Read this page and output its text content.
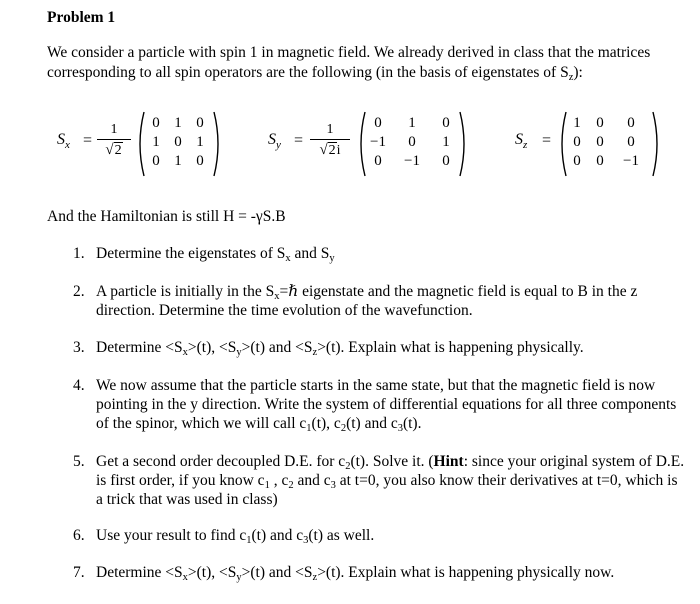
Problem 1
We consider a particle with spin 1 in magnetic field. We already derived in class that the matrices corresponding to all spin operators are the following (in the basis of eigenstates of $S_z$):
$S_x$ =
1
√2
0 1 0
1 0 1
0 1 0
$S_y$ =
1
√2i
0	1	0
−1	0	1
0	−1	0
$S_z$ =
1	0	0
0	0	0
0	0	−1
And the Hamiltonian is still H = -γS.B
1. Determine the eigenstates of $S_x$ and $S_y$
2. A particle is initially in the $S_x=\hbar$ eigenstate and the magnetic field is equal to B in the z direction. Determine the time evolution of the wavefunction.
3. Determine $<S_x>(t)$, $<S_y>(t)$ and $<S_z>(t)$. Explain what is happening physically.
4. We now assume that the particle starts in the same state, but that the magnetic field is now pointing in the y direction. Write the system of differential equations for all three components of the spinor, which we will call $c_1(t)$, $c_2(t)$ and $c_3(t)$.
5. Get a second order decoupled D.E. for $c_2(t)$. Solve it. (Hint: since your original system of D.E. is first order, if you know $c_1$ , $c_2$ and $c_3$ at t=0, you also know their derivatives at t=0, which is a trick that was used in class)
6. Use your result to find $c_1(t)$ and $c_3(t)$ as well.
7. Determine $<S_x>(t)$, $<S_y>(t)$ and $<S_z>(t)$. Explain what is happening physically now.
